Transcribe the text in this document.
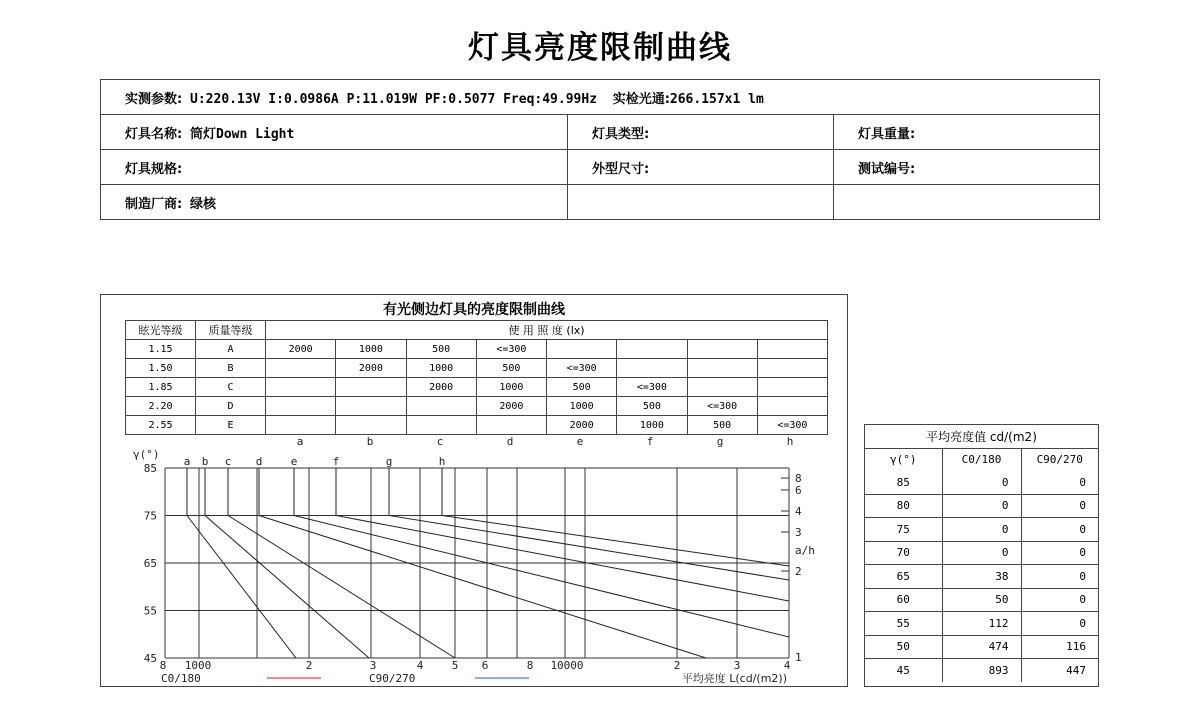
灯具亮度限制曲线
实测参数: U:220.13V I:0.0986A P:11.019W PF:0.5077 Freq:49.99Hz 实检光通:266.157x1 lm		
灯具名称: 筒灯Down Light	灯具类型:	灯具重量:
灯具规格:	外型尺寸:	测试编号:
制造厂商: 绿核		
有光侧边灯具的亮度限制曲线
眩光等级	质量等级	使 用 照 度 (lx)							
1.15	A	2000	1000	500	<=300				
1.50	B		2000	1000	500	<=300			
1.85	C			2000	1000	500	<=300		
2.20	D				2000	1000	500	<=300	
2.55	E					2000	1000	500	<=300
a	b	c	d	e	f	g	h
γ(°)
85
75
65
55
45
a b c d	e	f	g	h
8
6
4
3
a/h
2
1
8 1000	2	3	4	5 6	8 10000	2	3	4
C0/180	C90/270	平均亮度 L(cd/(m2))
平均亮度值 cd/(m2)		
γ(°)	C0/180	C90/270
85	0	0
80	0	0
75	0	0
70	0	0
65	38	0
60	50	0
55	112	0
50	474	116
45	893	447
